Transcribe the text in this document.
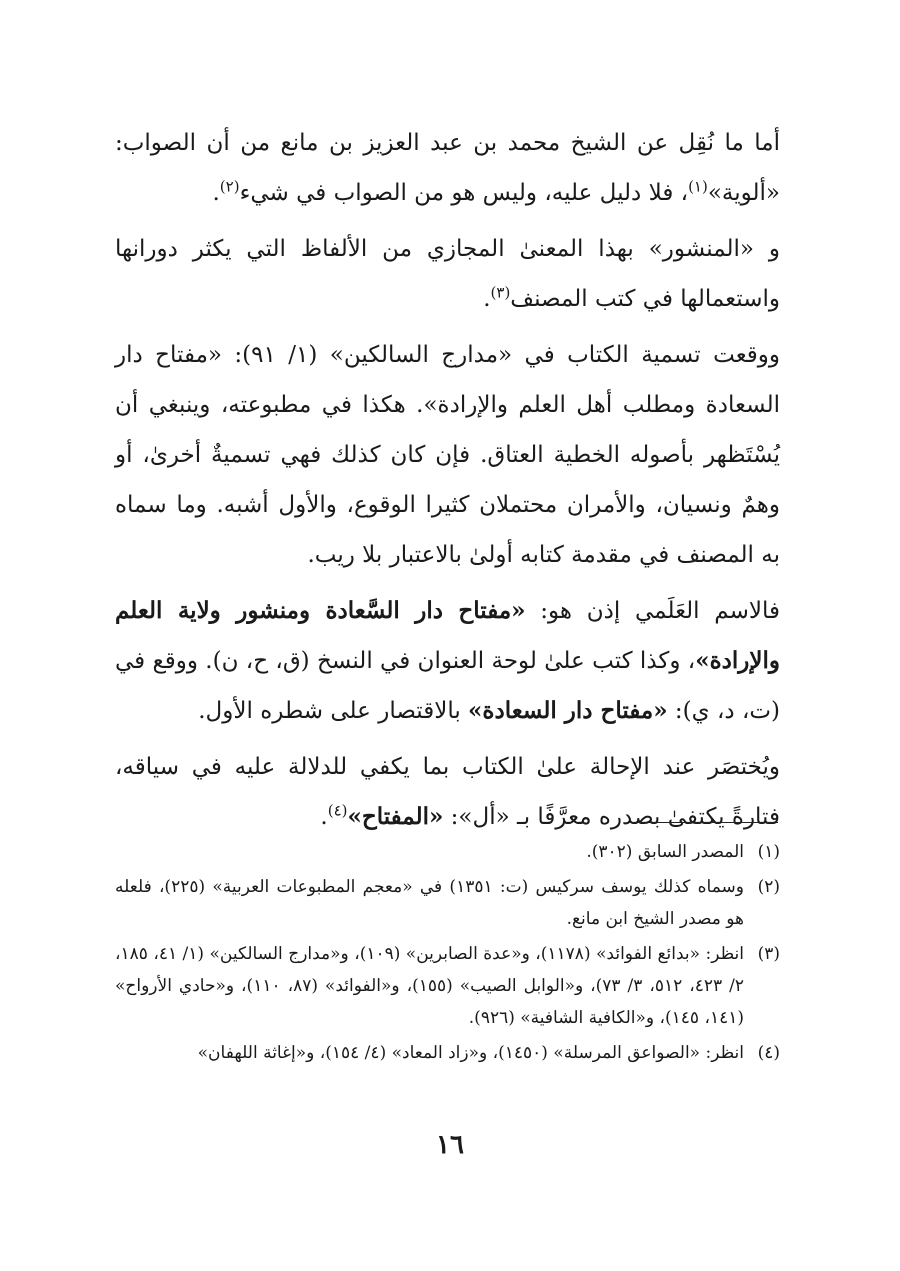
أما ما نُقِل عن الشيخ محمد بن عبد العزيز بن مانع من أن الصواب: «ألوية»$^{(١)}$، فلا دليل عليه، وليس هو من الصواب في شيء$^{(٢)}$.

و «المنشور» بهذا المعنىٰ المجازي من الألفاظ التي يكثر دورانها واستعمالها في كتب المصنف$^{(٣)}$.

ووقعت تسمية الكتاب في «مدارج السالكين» (١/ ٩١): «مفتاح دار السعادة ومطلب أهل العلم والإرادة». هكذا في مطبوعته، وينبغي أن يُسْتَظهر بأصوله الخطية العتاق. فإن كان كذلك فهي تسميةٌ أخرىٰ، أو وهمٌ ونسيان، والأمران محتملان كثيرا الوقوع، والأول أشبه. وما سماه به المصنف في مقدمة كتابه أولىٰ بالاعتبار بلا ريب.

فالاسم العَلَمي إذن هو: «مفتاح دار السَّعادة ومنشور ولاية العلم والإرادة»، وكذا كتب علىٰ لوحة العنوان في النسخ (ق، ح، ن). ووقع في (ت، د، ي): «مفتاح دار السعادة» بالاقتصار على شطره الأول.

ويُختصَر عند الإحالة علىٰ الكتاب بما يكفي للدلالة عليه في سياقه، فتارةً يكتفىٰ بصدره معرَّفًا بـ «أل»: «المفتاح»$^{(٤)}$.

(١)
المصدر السابق (٣٠٢).
(٢)
وسماه كذلك يوسف سركيس (ت: ١٣٥١) في «معجم المطبوعات العربية» (٢٢٥)، فلعله هو مصدر الشيخ ابن مانع.
(٣)
انظر: «بدائع الفوائد» (١١٧٨)، و«عدة الصابرين» (١٠٩)، و«مدارج السالكين» (١/ ٤١، ١٨٥، ٢/ ٤٢٣، ٥١٢، ٣/ ٧٣)، و«الوابل الصيب» (١٥٥)، و«الفوائد» (٨٧، ١١٠)، و«حادي الأرواح» (١٤١، ١٤٥)، و«الكافية الشافية» (٩٢٦).
(٤)
انظر: «الصواعق المرسلة» (١٤٥٠)، و«زاد المعاد» (٤/ ١٥٤)، و«إغاثة اللهفان»
١٦
